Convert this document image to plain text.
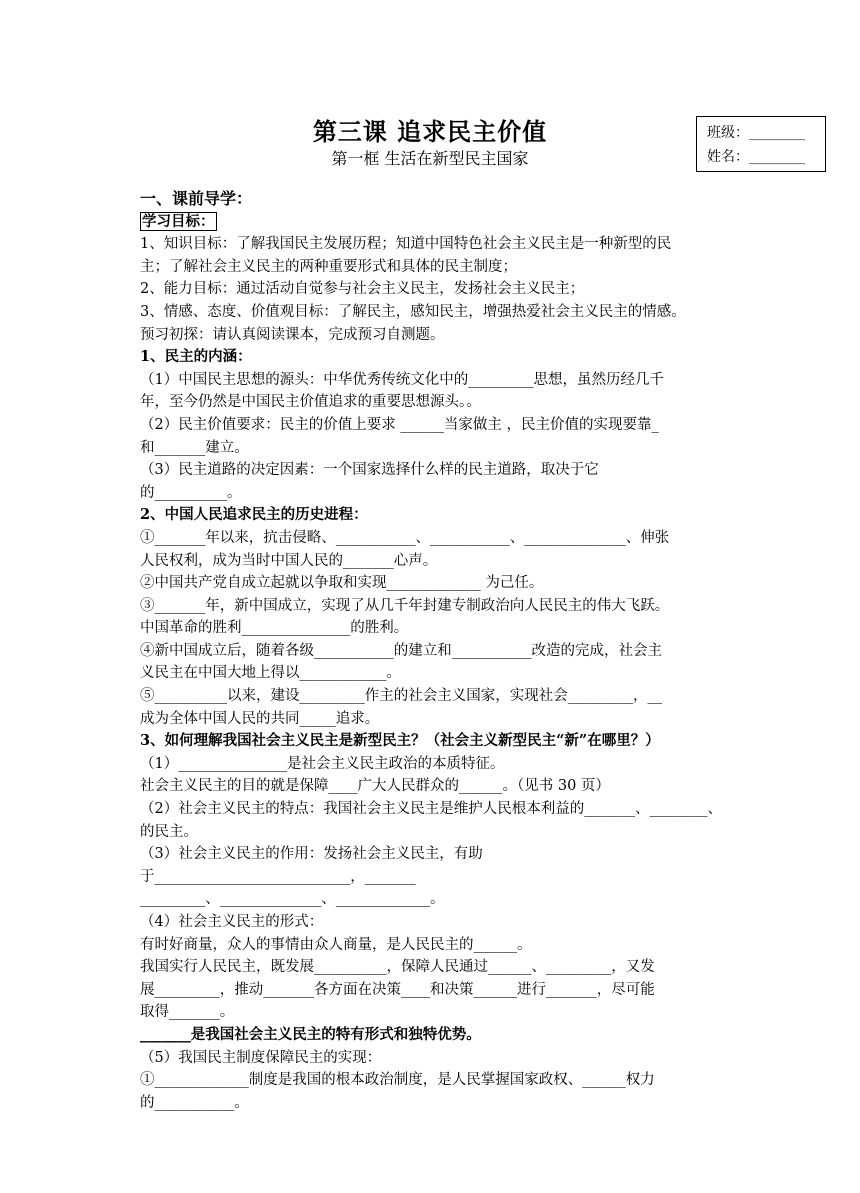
第三课 追求民主价值
第一框 生活在新型民主国家
班级：________
姓名：________
一、课前导学：
学习目标：
1、知识目标：了解我国民主发展历程；知道中国特色社会主义民主是一种新型的民
主；了解社会主义民主的两种重要形式和具体的民主制度；
2、能力目标：通过活动自觉参与社会主义民主，发扬社会主义民主；
3、情感、态度、价值观目标：了解民主，感知民主，增强热爱社会主义民主的情感。
预习初探：请认真阅读课本，完成预习自测题。
1、民主的内涵：
（1）中国民主思想的源头：中华优秀传统文化中的_________思想，虽然历经几千
年，至今仍然是中国民主价值追求的重要思想源头。。
（2）民主价值要求：民主的价值上要求 ______当家做主 ，民主价值的实现要靠_
和_______建立。
（3）民主道路的决定因素：一个国家选择什么样的民主道路，取决于它
的__________。
2、中国人民追求民主的历史进程：
①_______年以来，抗击侵略、___________、___________、______________、伸张
人民权利，成为当时中国人民的_______心声。
②中国共产党自成立起就以争取和实现_____________ 为己任。
③_______年，新中国成立，实现了从几千年封建专制政治向人民民主的伟大飞跃。
中国革命的胜利_______________的胜利。
④新中国成立后，随着各级___________的建立和___________改造的完成，社会主
义民主在中国大地上得以____________。
⑤__________以来，建设_________作主的社会主义国家，实现社会_________，__
成为全体中国人民的共同_____追求。
3、如何理解我国社会主义民主是新型民主？（社会主义新型民主“新”在哪里？）
（1）_______________是社会主义民主政治的本质特征。
社会主义民主的目的就是保障____广大人民群众的______。（见书 30 页）
（2）社会主义民主的特点：我国社会主义民主是维护人民根本利益的_______、________、
的民主。
（3）社会主义民主的作用：发扬社会主义民主，有助
于___________________________，_______
_________、______________、_____________。
（4）社会主义民主的形式：
有时好商量，众人的事情由众人商量，是人民民主的______。
我国实行人民民主，既发展__________，保障人民通过______、_________，又发
展_________，推动_______各方面在决策____和决策______进行_______，尽可能
取得_______。
_______是我国社会主义民主的特有形式和独特优势。
（5）我国民主制度保障民主的实现：
①_____________制度是我国的根本政治制度，是人民掌握国家政权、______权力
的___________。
